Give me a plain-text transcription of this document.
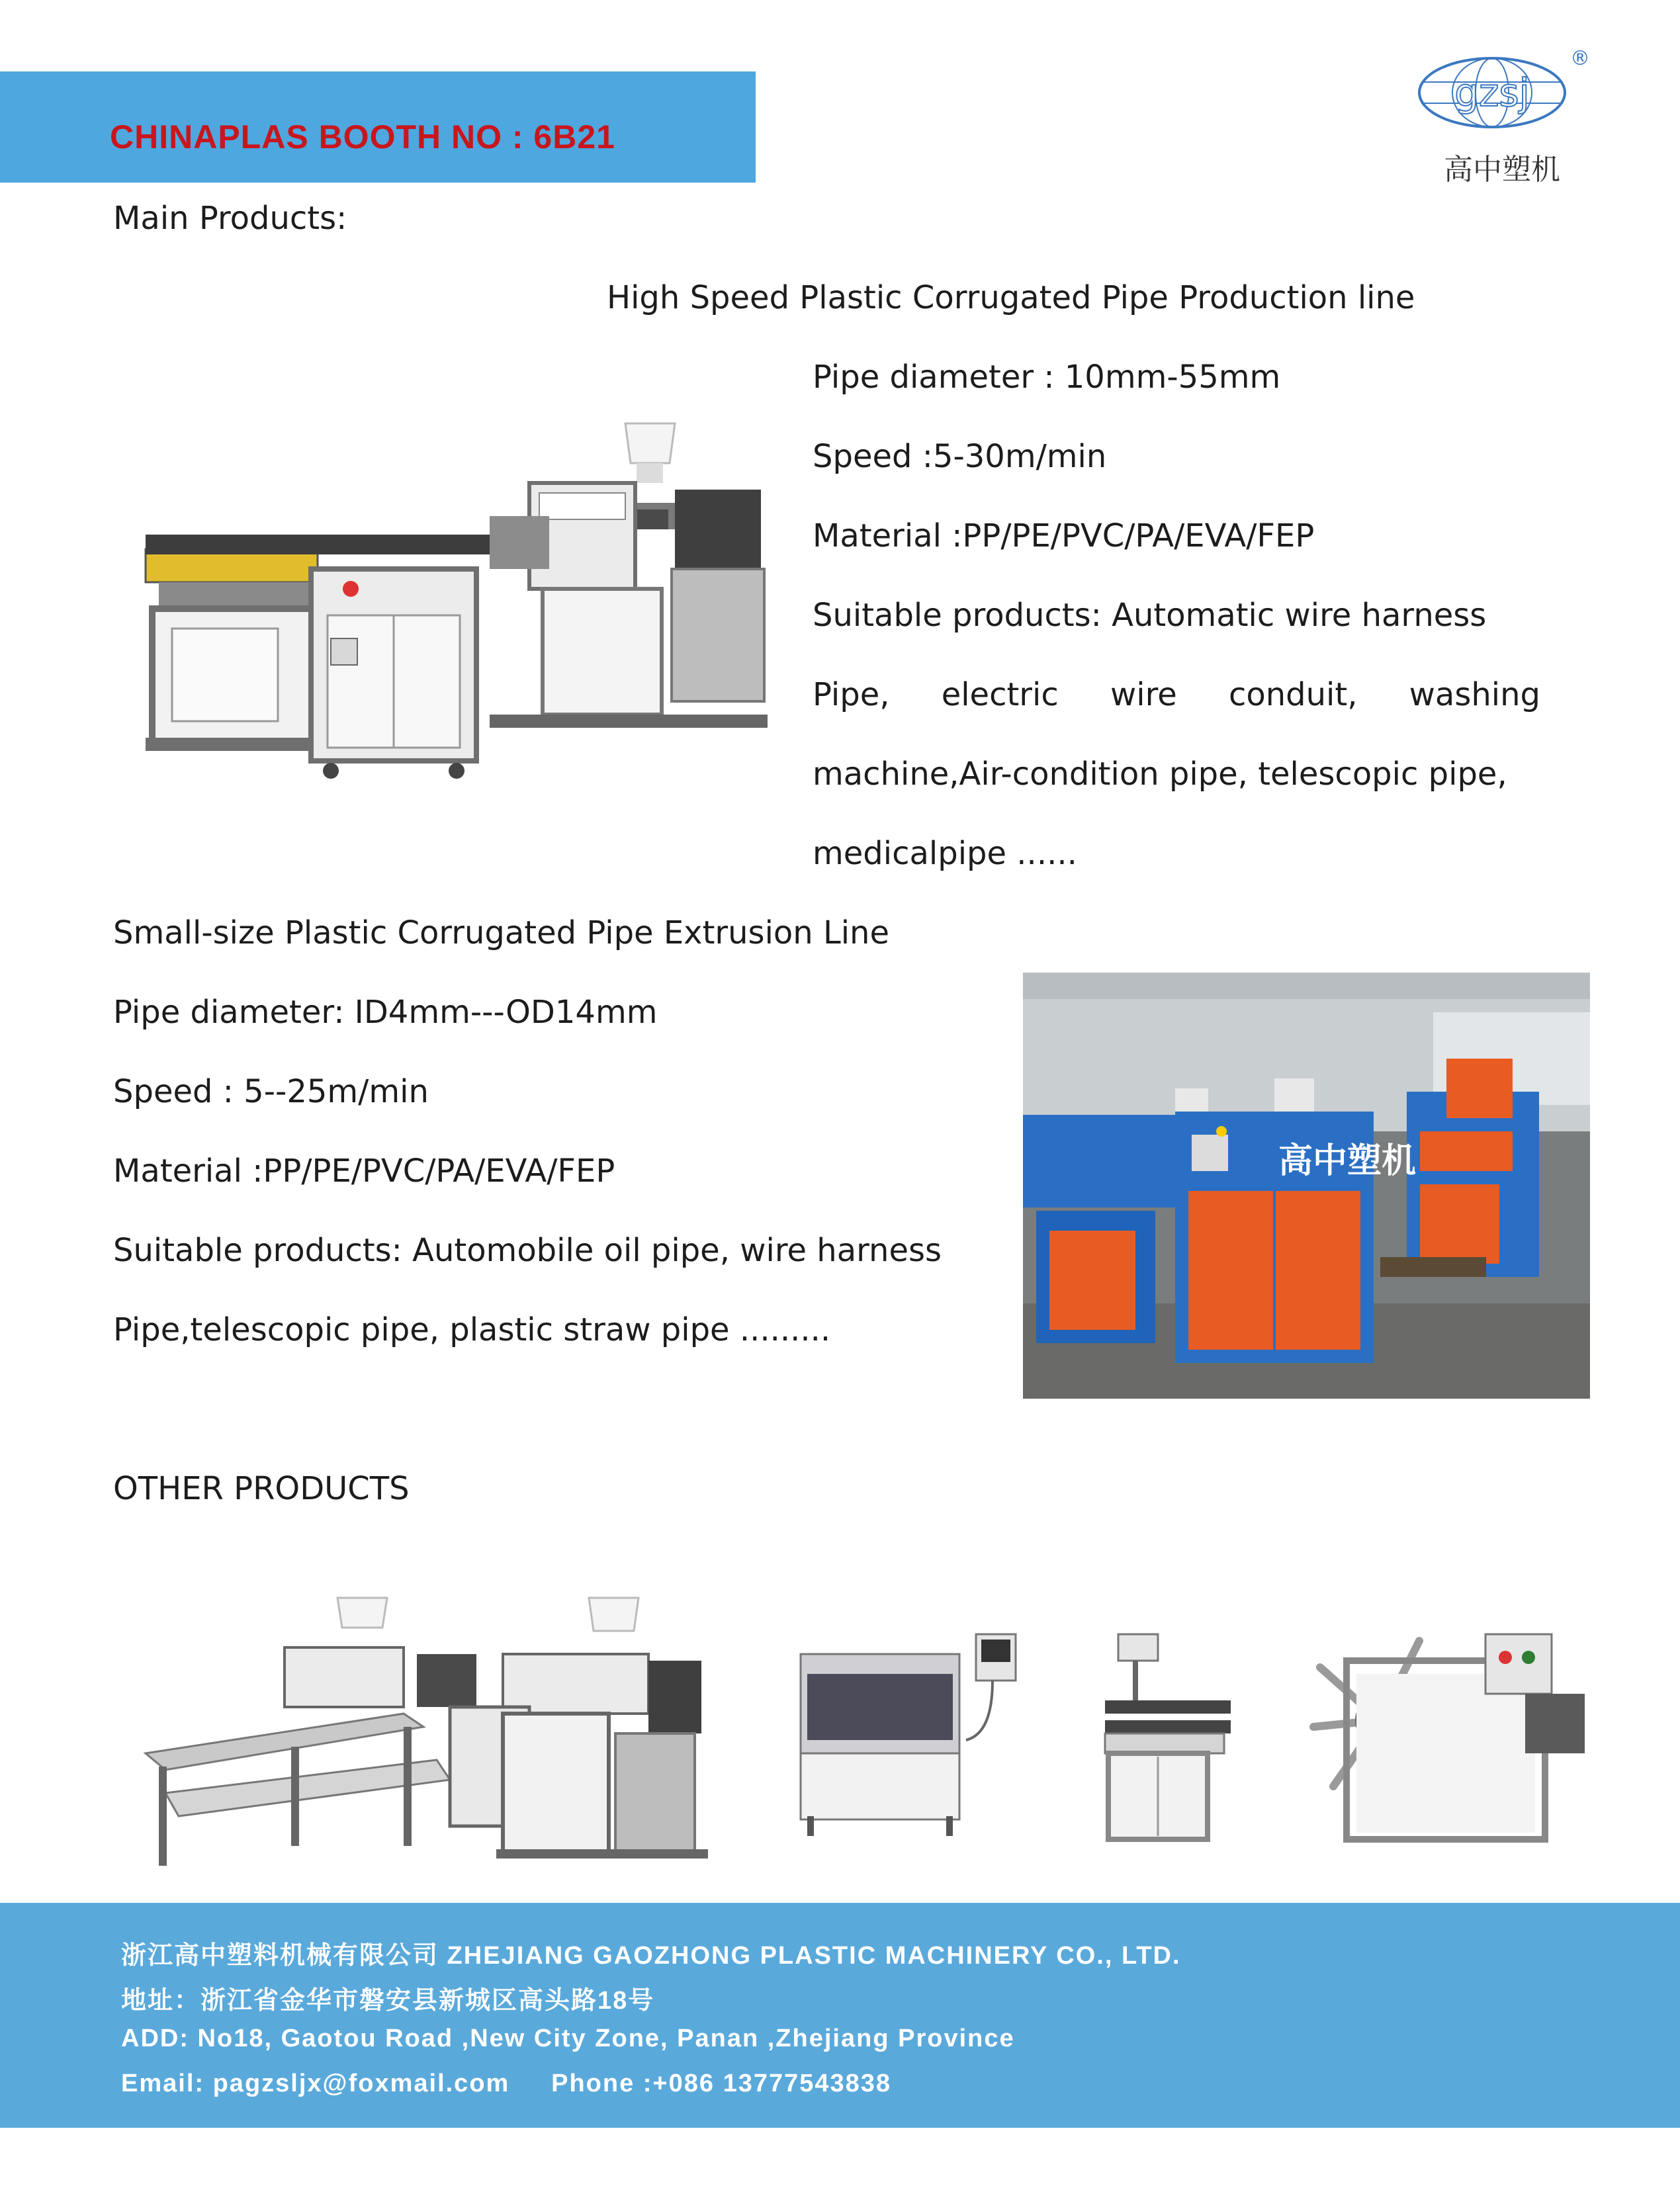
CHINAPLAS BOOTH NO : 6B21
gzsj
®
高中塑机
Main Products:
High Speed Plastic Corrugated Pipe Production line
Pipe diameter : 10mm-55mm
Speed :5-30m/min
Material :PP/PE/PVC/PA/EVA/FEP
Suitable products: Automatic wire harness
Pipe, electric wire conduit, washing
machine,Air-condition pipe, telescopic pipe,
medicalpipe ......
Small-size Plastic Corrugated Pipe Extrusion Line
Pipe diameter: ID4mm---OD14mm
Speed : 5--25m/min
Material :PP/PE/PVC/PA/EVA/FEP
Suitable products: Automobile oil pipe, wire harness
Pipe,telescopic pipe, plastic straw pipe .........
高中塑机
OTHER PRODUCTS
浙江高中塑料机械有限公司 ZHEJIANG GAOZHONG PLASTIC MACHINERY CO., LTD.
地址：浙江省金华市磐安县新城区高头路18号
ADD: No18, Gaotou Road ,New City Zone, Panan ,Zhejiang Province
Email: pagzsljx@foxmail.com     Phone :+086 13777543838
